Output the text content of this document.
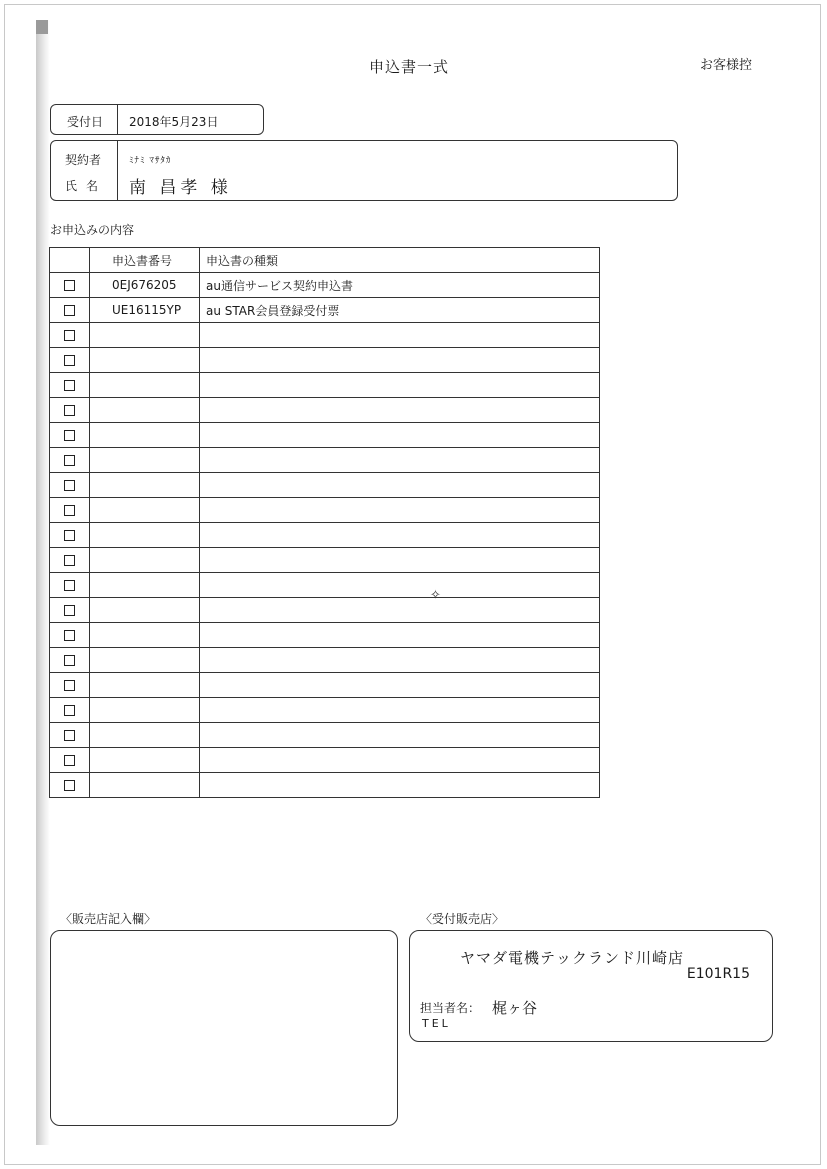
申込書一式	お客様控
受付日 2018年5月23日
契約者
氏名
ﾐﾅﾐ ﾏｻﾀｶ
南 昌孝 様
お申込みの内容
	申込書番号	申込書の種類
	0EJ676205	au通信サービス契約申込書
	UE16115YP	au STAR会員登録受付票

✧
〈販売店記入欄〉	〈受付販売店〉
ヤマダ電機テックランド川崎店
E101R15
担当者名： 梶ヶ谷
TEL
